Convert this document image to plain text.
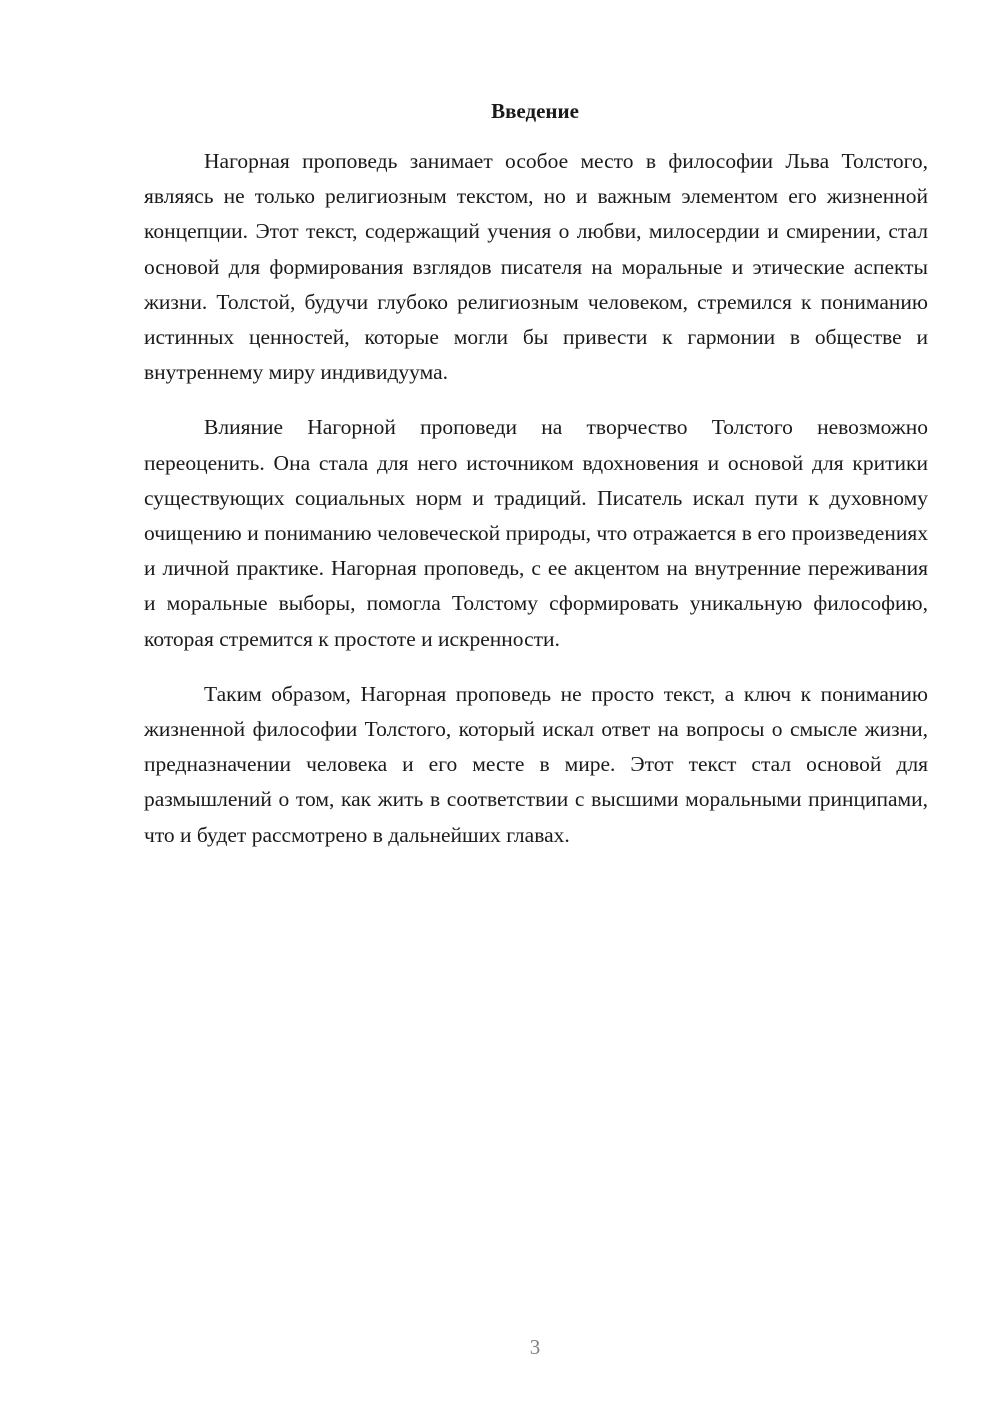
Введение

Нагорная проповедь занимает особое место в философии Льва Толстого, являясь не только религиозным текстом, но и важным элементом его жизненной концепции. Этот текст, содержащий учения о любви, милосердии и смирении, стал основой для формирования взглядов писателя на моральные и этические аспекты жизни. Толстой, будучи глубоко религиозным человеком, стремился к пониманию истинных ценностей, которые могли бы привести к гармонии в обществе и внутреннему миру индивидуума.

Влияние Нагорной проповеди на творчество Толстого невозможно переоценить. Она стала для него источником вдохновения и основой для критики существующих социальных норм и традиций. Писатель искал пути к духовному очищению и пониманию человеческой природы, что отражается в его произведениях и личной практике. Нагорная проповедь, с ее акцентом на внутренние переживания и моральные выборы, помогла Толстому сформировать уникальную философию, которая стремится к простоте и искренности.

Таким образом, Нагорная проповедь не просто текст, а ключ к пониманию жизненной философии Толстого, который искал ответ на вопросы о смысле жизни, предназначении человека и его месте в мире. Этот текст стал основой для размышлений о том, как жить в соответствии с высшими моральными принципами, что и будет рассмотрено в дальнейших главах.

3
